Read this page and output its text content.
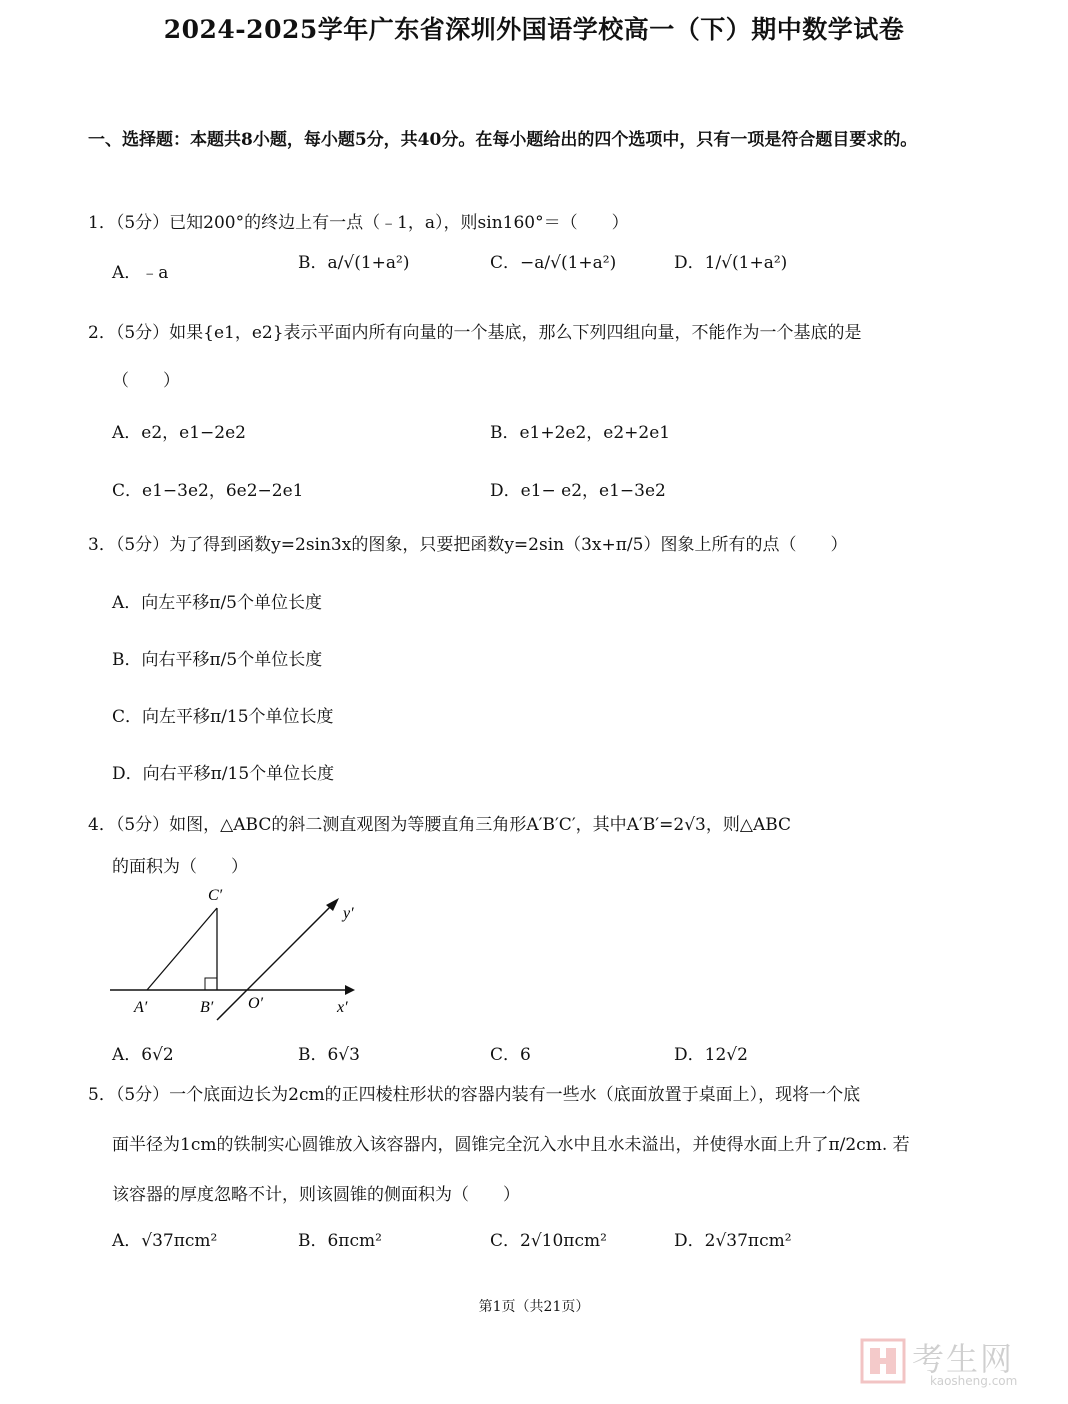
2024-2025学年广东省深圳外国语学校高一（下）期中数学试卷
一、选择题：本题共8小题，每小题5分，共40分。在每小题给出的四个选项中，只有一项是符合题目要求的。
1．（5分）已知200°的终边上有一点（﹣1，a），则sin160°＝（　　）
A．﹣a	B．a/√(1+a²)	C．−a/√(1+a²)	D．1/√(1+a²)
2．（5分）如果{e1，e2}表示平面内所有向量的一个基底，那么下列四组向量，不能作为一个基底的是
（　　）
A．e2，e1−2e2	B．e1+2e2，e2+2e1
C．e1−3e2，6e2−2e1	D．e1− e2，e1−3e2
3．（5分）为了得到函数y=2sin3x的图象，只要把函数y=2sin（3x+π/5）图象上所有的点（　　）
A．向左平移π/5个单位长度
B．向右平移π/5个单位长度
C．向左平移π/15个单位长度
D．向右平移π/15个单位长度
4．（5分）如图，△ABC的斜二测直观图为等腰直角三角形A′B′C′，其中A′B′=2√3，则△ABC
的面积为（　　）
C′
y′
A′	B′ O′	x′
A．6√2	B．6√3	C．6	D．12√2
5．（5分）一个底面边长为2cm的正四棱柱形状的容器内装有一些水（底面放置于桌面上），现将一个底
面半径为1cm的铁制实心圆锥放入该容器内，圆锥完全沉入水中且水未溢出，并使得水面上升了π/2cm. 若
该容器的厚度忽略不计，则该圆锥的侧面积为（　　）
A．√37πcm²	B．6πcm²	C．2√10πcm²	D．2√37πcm²
第1页（共21页）
考生网
kaosheng.com
